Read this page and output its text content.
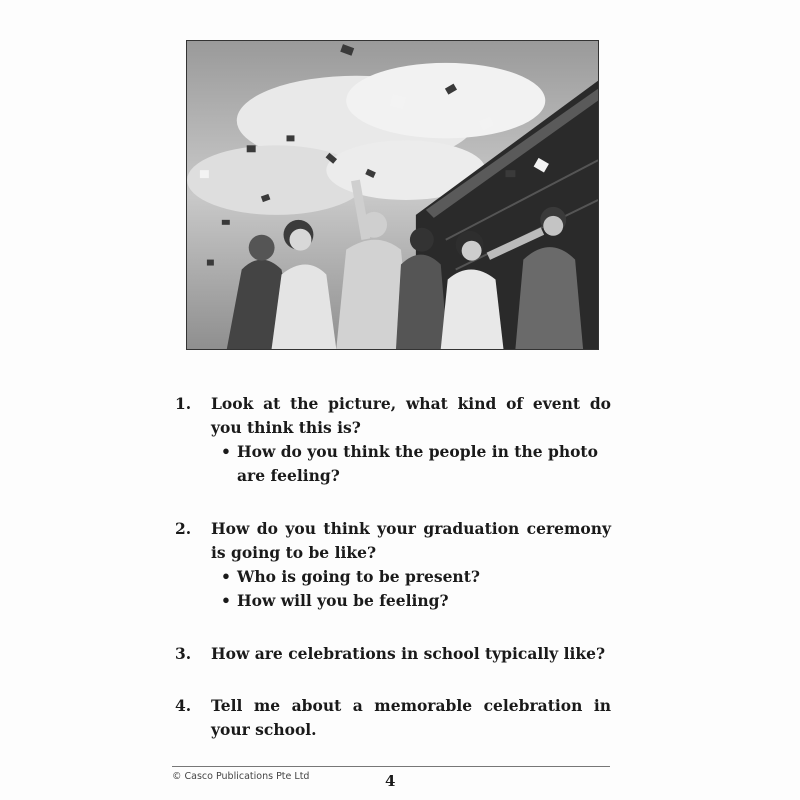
1.	Look at the picture, what kind of event do you think this is?
• How do you think the people in the photo are feeling?
2.	How do you think your graduation ceremony is going to be like?
• Who is going to be present?
• How will you be feeling?
3.	How are celebrations in school typically like?
4.	Tell me about a memorable celebration in your school.
© Casco Publications Pte Ltd	4
